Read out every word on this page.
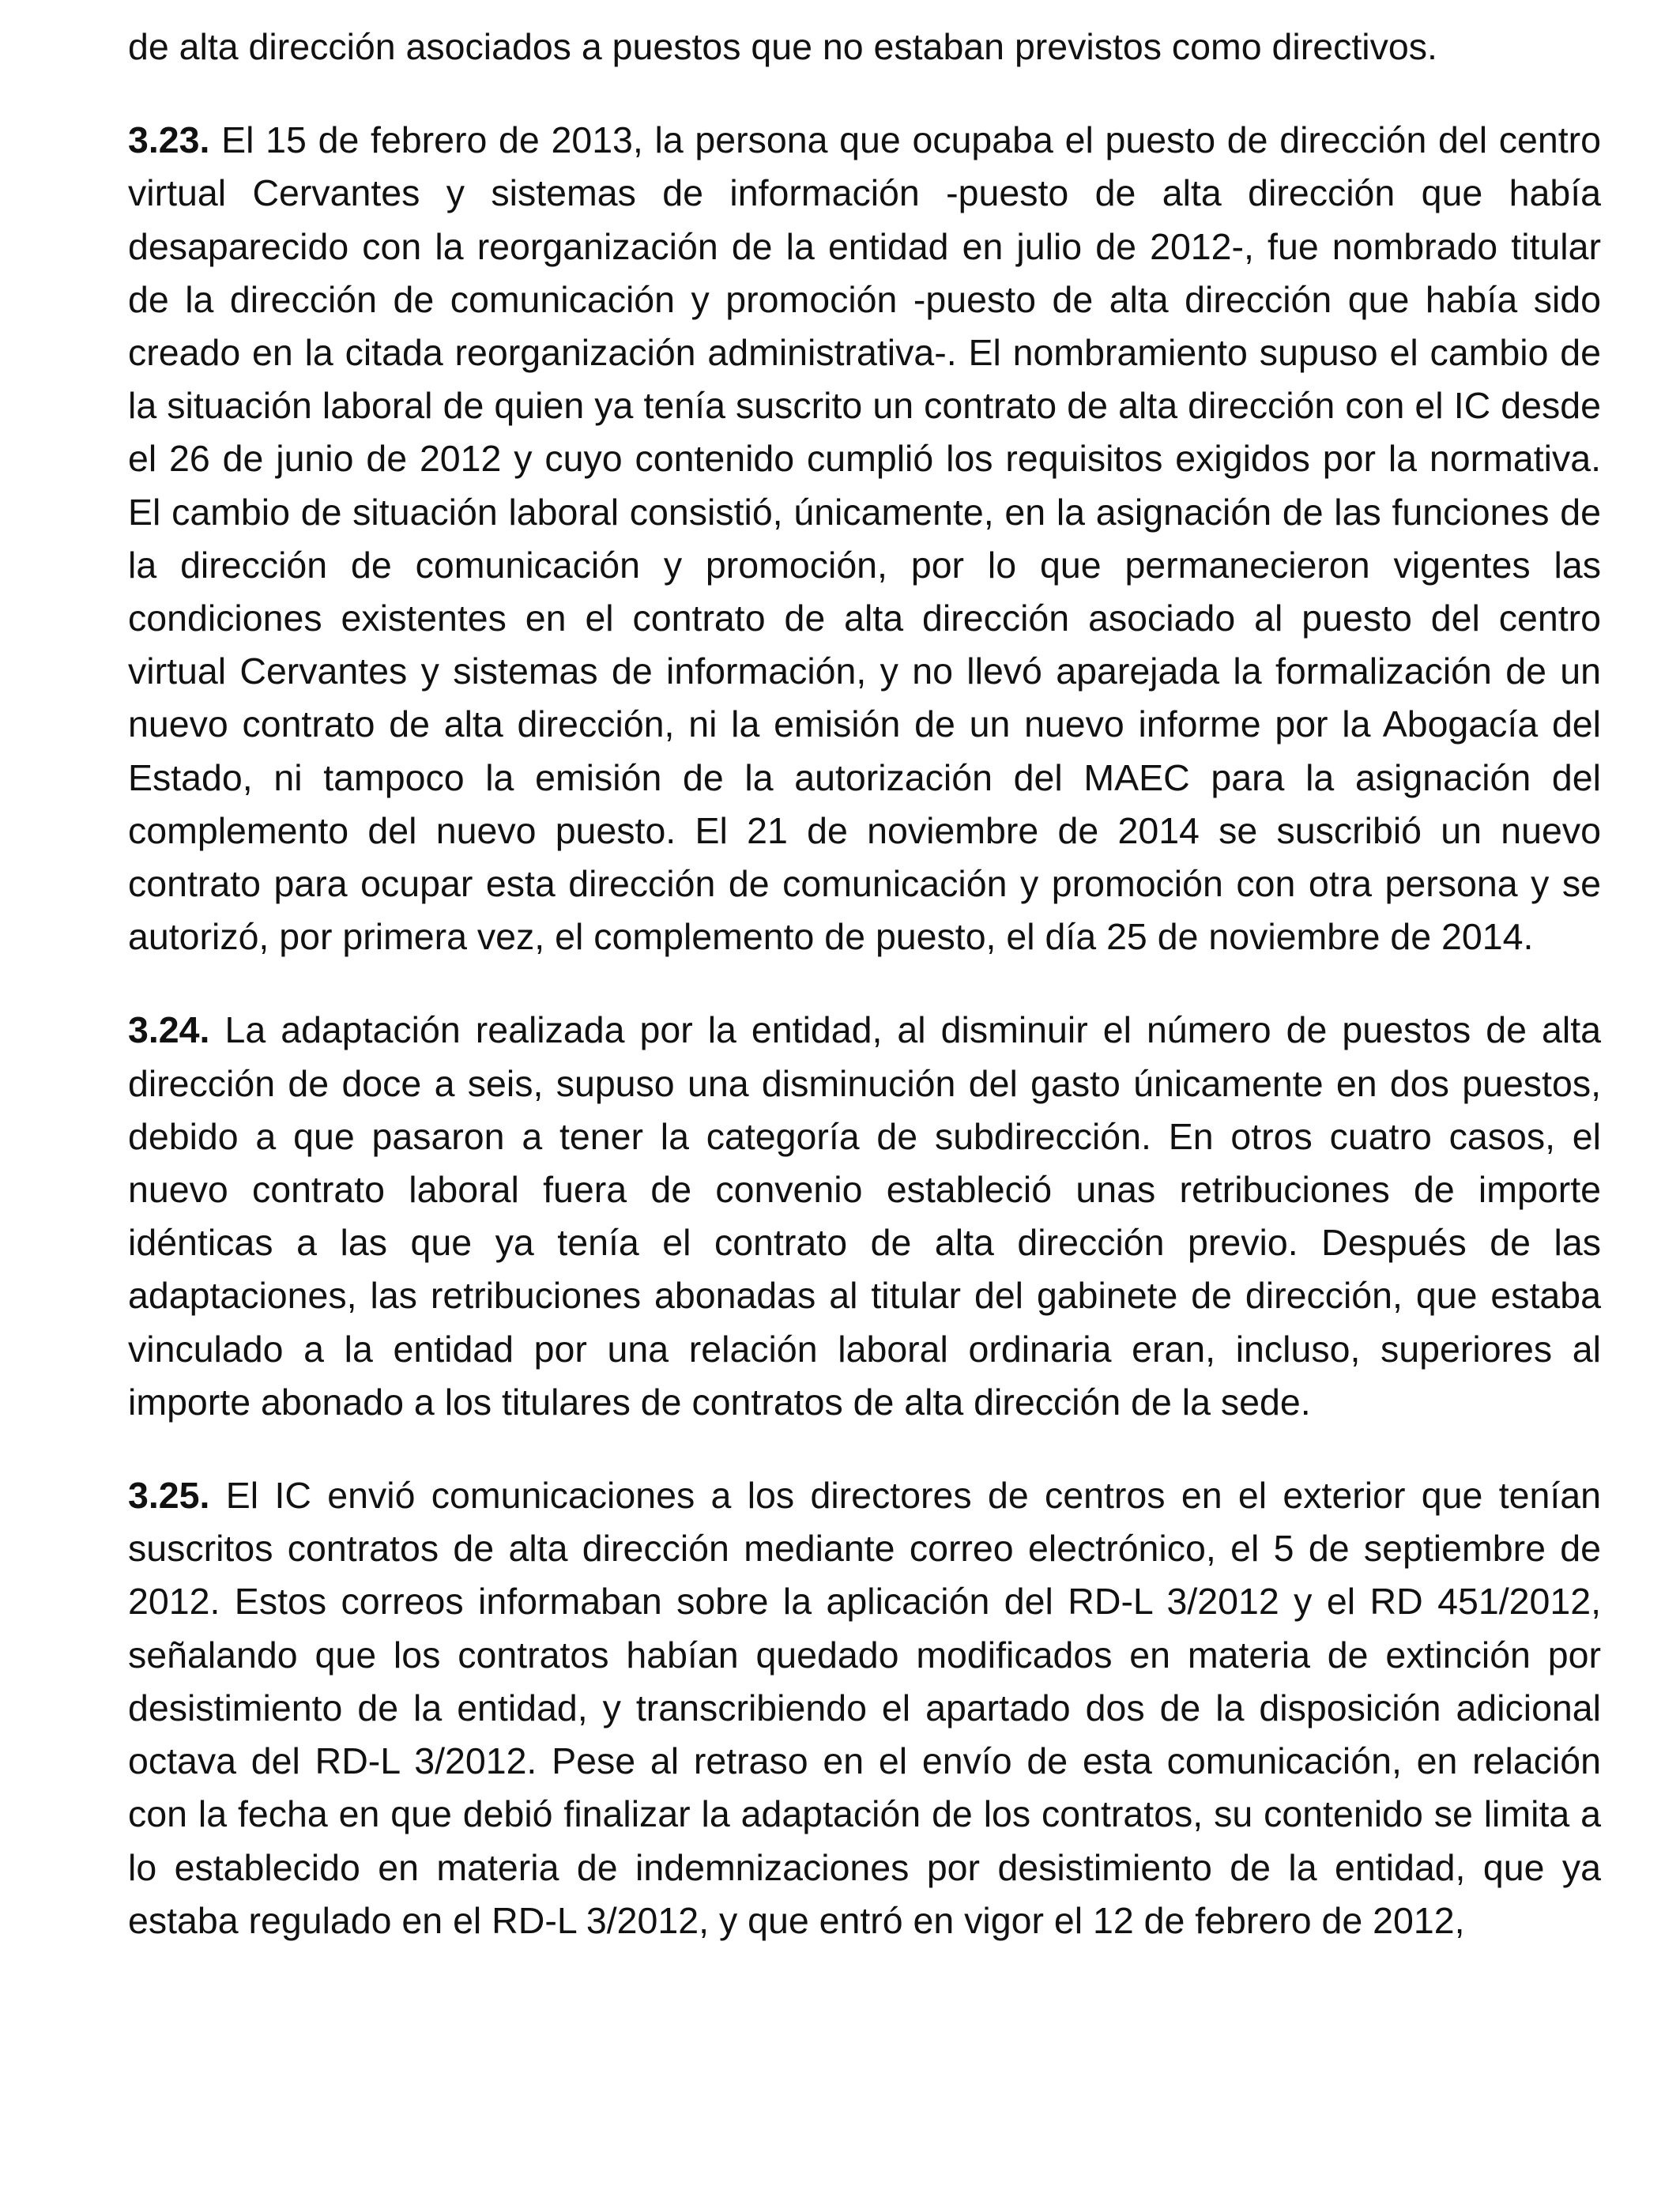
de alta dirección asociados a puestos que no estaban previstos como directivos.

3.23. El 15 de febrero de 2013, la persona que ocupaba el puesto de dirección del centro virtual Cervantes y sistemas de información -puesto de alta dirección que había desaparecido con la reorganización de la entidad en julio de 2012-, fue nombrado titular de la dirección de comunicación y promoción -puesto de alta dirección que había sido creado en la citada reorganización administrativa-. El nombramiento supuso el cambio de la situación laboral de quien ya tenía suscrito un contrato de alta dirección con el IC desde el 26 de junio de 2012 y cuyo contenido cumplió los requisitos exigidos por la normativa. El cambio de situación laboral consistió, únicamente, en la asignación de las funciones de la dirección de comunicación y promoción, por lo que permanecieron vigentes las condiciones existentes en el contrato de alta dirección asociado al puesto del centro virtual Cervantes y sistemas de información, y no llevó aparejada la formalización de un nuevo contrato de alta dirección, ni la emisión de un nuevo informe por la Abogacía del Estado, ni tampoco la emisión de la autorización del MAEC para la asignación del complemento del nuevo puesto. El 21 de noviembre de 2014 se suscribió un nuevo contrato para ocupar esta dirección de comunicación y promoción con otra persona y se autorizó, por primera vez, el complemento de puesto, el día 25 de noviembre de 2014.

3.24. La adaptación realizada por la entidad, al disminuir el número de puestos de alta dirección de doce a seis, supuso una disminución del gasto únicamente en dos puestos, debido a que pasaron a tener la categoría de subdirección. En otros cuatro casos, el nuevo contrato laboral fuera de convenio estableció unas retribuciones de importe idénticas a las que ya tenía el contrato de alta dirección previo. Después de las adaptaciones, las retribuciones abonadas al titular del gabinete de dirección, que estaba vinculado a la entidad por una relación laboral ordinaria eran, incluso, superiores al importe abonado a los titulares de contratos de alta dirección de la sede.

3.25. El IC envió comunicaciones a los directores de centros en el exterior que tenían suscritos contratos de alta dirección mediante correo electrónico, el 5 de septiembre de 2012. Estos correos informaban sobre la aplicación del RD-L 3/2012 y el RD 451/2012, señalando que los contratos habían quedado modificados en materia de extinción por desistimiento de la entidad, y transcribiendo el apartado dos de la disposición adicional octava del RD-L 3/2012. Pese al retraso en el envío de esta comunicación, en relación con la fecha en que debió finalizar la adaptación de los contratos, su contenido se limita a lo establecido en materia de indemnizaciones por desistimiento de la entidad, que ya estaba regulado en el RD-L 3/2012, y que entró en vigor el 12 de febrero de 2012,
